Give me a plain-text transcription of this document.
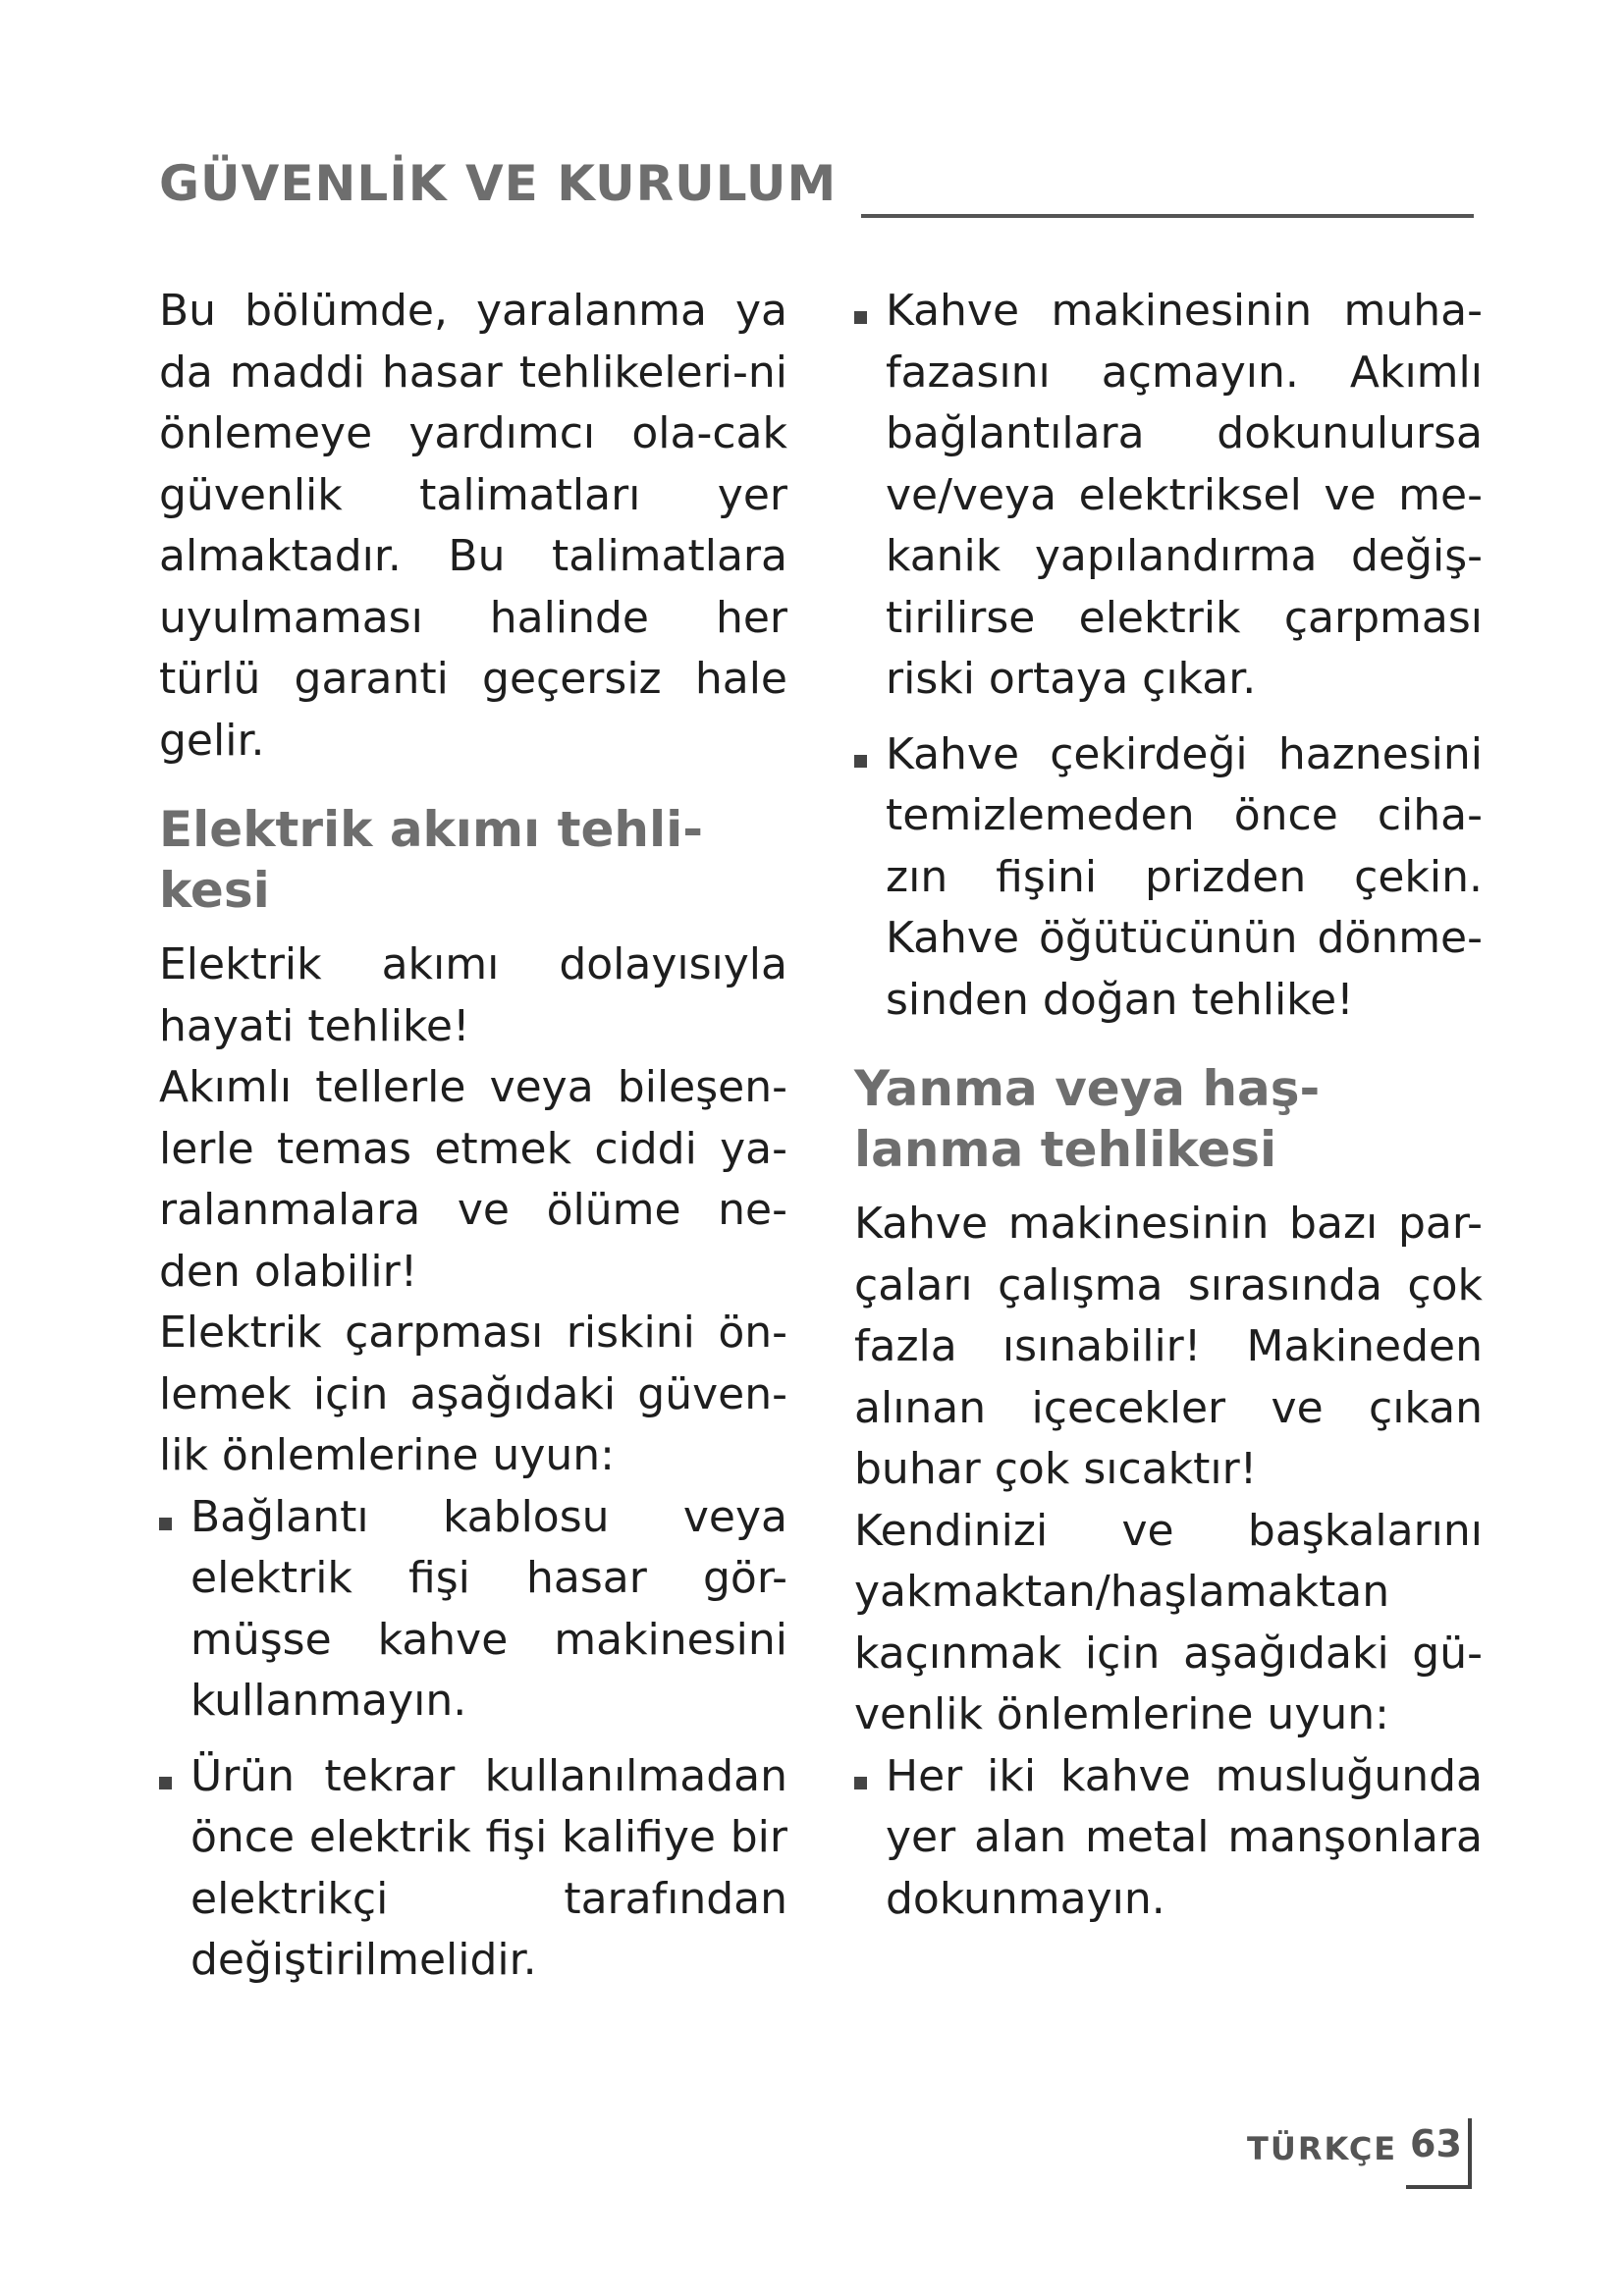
GÜVENLİK VE KURULUM

Bu bölümde, yaralanma ya da maddi hasar tehlikeleri-ni önlemeye yardımcı ola-cak güvenlik talimatları yer almaktadır. Bu talimatlara uyulmaması halinde her türlü garanti geçersiz hale gelir.

Elektrik akımı tehli-kesi

Elektrik akımı dolayısıyla hayati tehlike!

Akımlı tellerle veya bileşen-lerle temas etmek ciddi ya-ralanmalara ve ölüme ne-den olabilir!

Elektrik çarpması riskini ön-lemek için aşağıdaki güven-lik önlemlerine uyun:

Bağlantı kablosu veya elektrik fişi hasar gör-müşse kahve makinesini kullanmayın.
Ürün tekrar kullanılmadan önce elektrik fişi kalifiye bir elektrikçi tarafından değiştirilmelidir.
Kahve makinesinin muha-fazasını açmayın. Akımlı bağlantılara dokunulursa ve/veya elektriksel ve me-kanik yapılandırma değiş-tirilirse elektrik çarpması riski ortaya çıkar.
Kahve çekirdeği haznesini temizlemeden önce ciha-zın fişini prizden çekin. Kahve öğütücünün dönme-sinden doğan tehlike!
Yanma veya haş-lanma tehlikesi

Kahve makinesinin bazı par-çaları çalışma sırasında çok fazla ısınabilir! Makineden alınan içecekler ve çıkan buhar çok sıcaktır!

Kendinizi ve başkalarını yakmaktan/haşlamaktan kaçınmak için aşağıdaki gü-venlik önlemlerine uyun:

Her iki kahve musluğunda yer alan metal manşonlara dokunmayın.
TÜRKÇE 63
